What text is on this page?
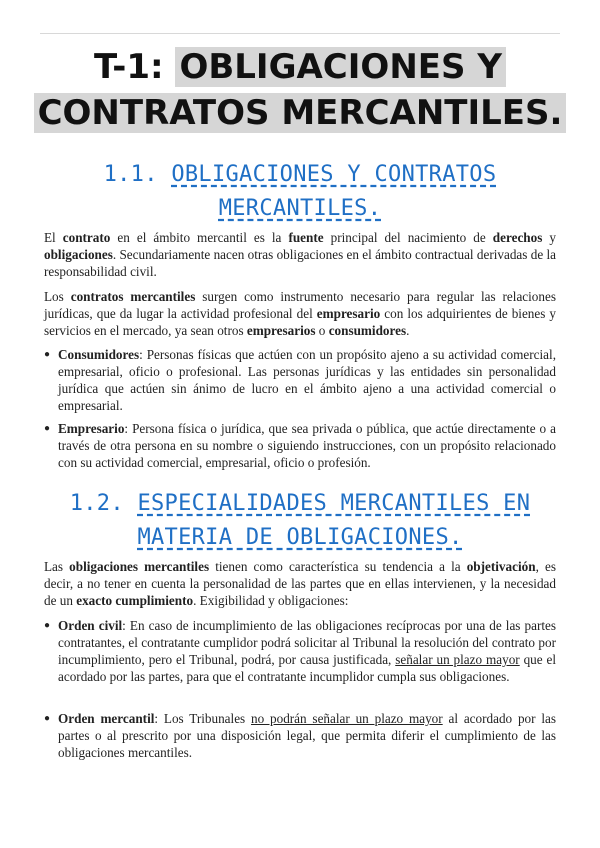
T-1: OBLIGACIONES Y
CONTRATOS MERCANTILES.
1.1. OBLIGACIONES Y CONTRATOS
MERCANTILES.
El contrato en el ámbito mercantil es la fuente principal del nacimiento de derechos y obligaciones. Secundariamente nacen otras obligaciones en el ámbito contractual derivadas de la responsabilidad civil.
Los contratos mercantiles surgen como instrumento necesario para regular las relaciones jurídicas, que da lugar la actividad profesional del empresario con los adquirientes de bienes y servicios en el mercado, ya sean otros empresarios o consumidores.
● Consumidores: Personas físicas que actúen con un propósito ajeno a su actividad comercial, empresarial, oficio o profesional. Las personas jurídicas y las entidades sin personalidad jurídica que actúen sin ánimo de lucro en el ámbito ajeno a una actividad comercial o empresarial.
● Empresario: Persona física o jurídica, que sea privada o pública, que actúe directamente o a través de otra persona en su nombre o siguiendo instrucciones, con un propósito relacionado con su actividad comercial, empresarial, oficio o profesión.
1.2. ESPECIALIDADES MERCANTILES EN
MATERIA DE OBLIGACIONES.
Las obligaciones mercantiles tienen como característica su tendencia a la objetivación, es decir, a no tener en cuenta la personalidad de las partes que en ellas intervienen, y la necesidad de un exacto cumplimiento. Exigibilidad y obligaciones:
● Orden civil: En caso de incumplimiento de las obligaciones recíprocas por una de las partes contratantes, el contratante cumplidor podrá solicitar al Tribunal la resolución del contrato por incumplimiento, pero el Tribunal, podrá, por causa justificada, señalar un plazo mayor que el acordado por las partes, para que el contratante incumplidor cumpla sus obligaciones.
● Orden mercantil: Los Tribunales no podrán señalar un plazo mayor al acordado por las partes o al prescrito por una disposición legal, que permita diferir el cumplimiento de las obligaciones mercantiles.
